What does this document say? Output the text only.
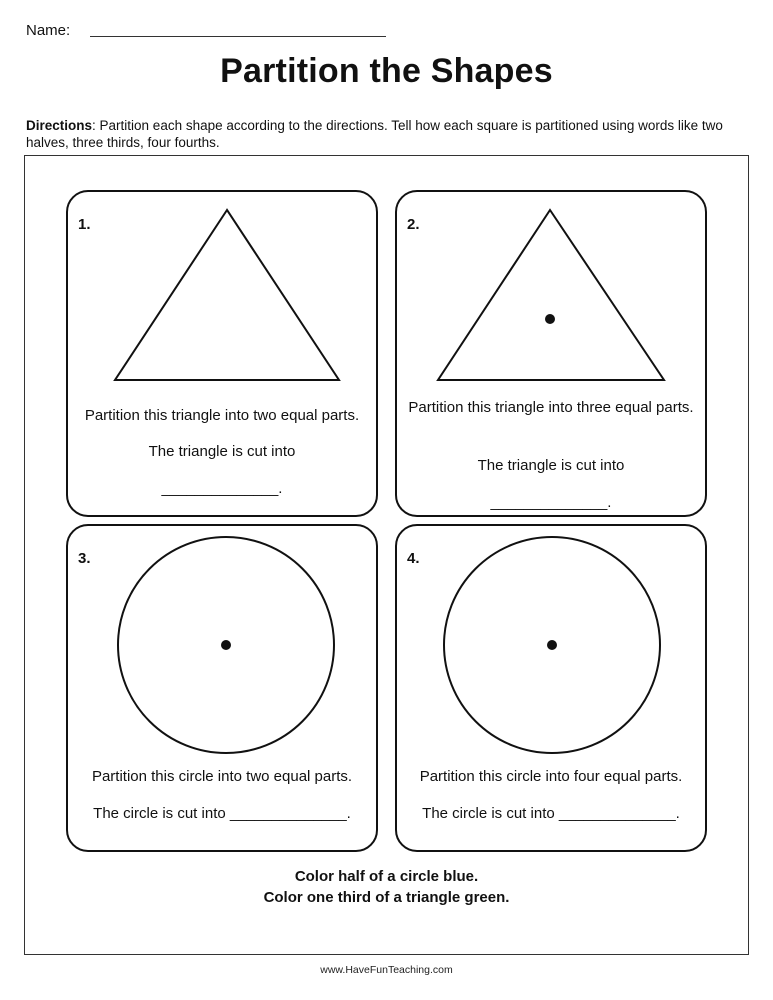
Name:
Partition the Shapes
Directions: Partition each shape according to the directions. Tell how each square is partitioned using words like two halves, three thirds, four fourths.
1.
Partition this triangle into two equal parts.
The triangle is cut into
______________.
2.
Partition this triangle into three equal parts.
The triangle is cut into
______________.
3.
Partition this circle into two equal parts.
The circle is cut into ______________.
4.
Partition this circle into four equal parts.
The circle is cut into ______________.
Color half of a circle blue.
Color one third of a triangle green.
www.HaveFunTeaching.com
